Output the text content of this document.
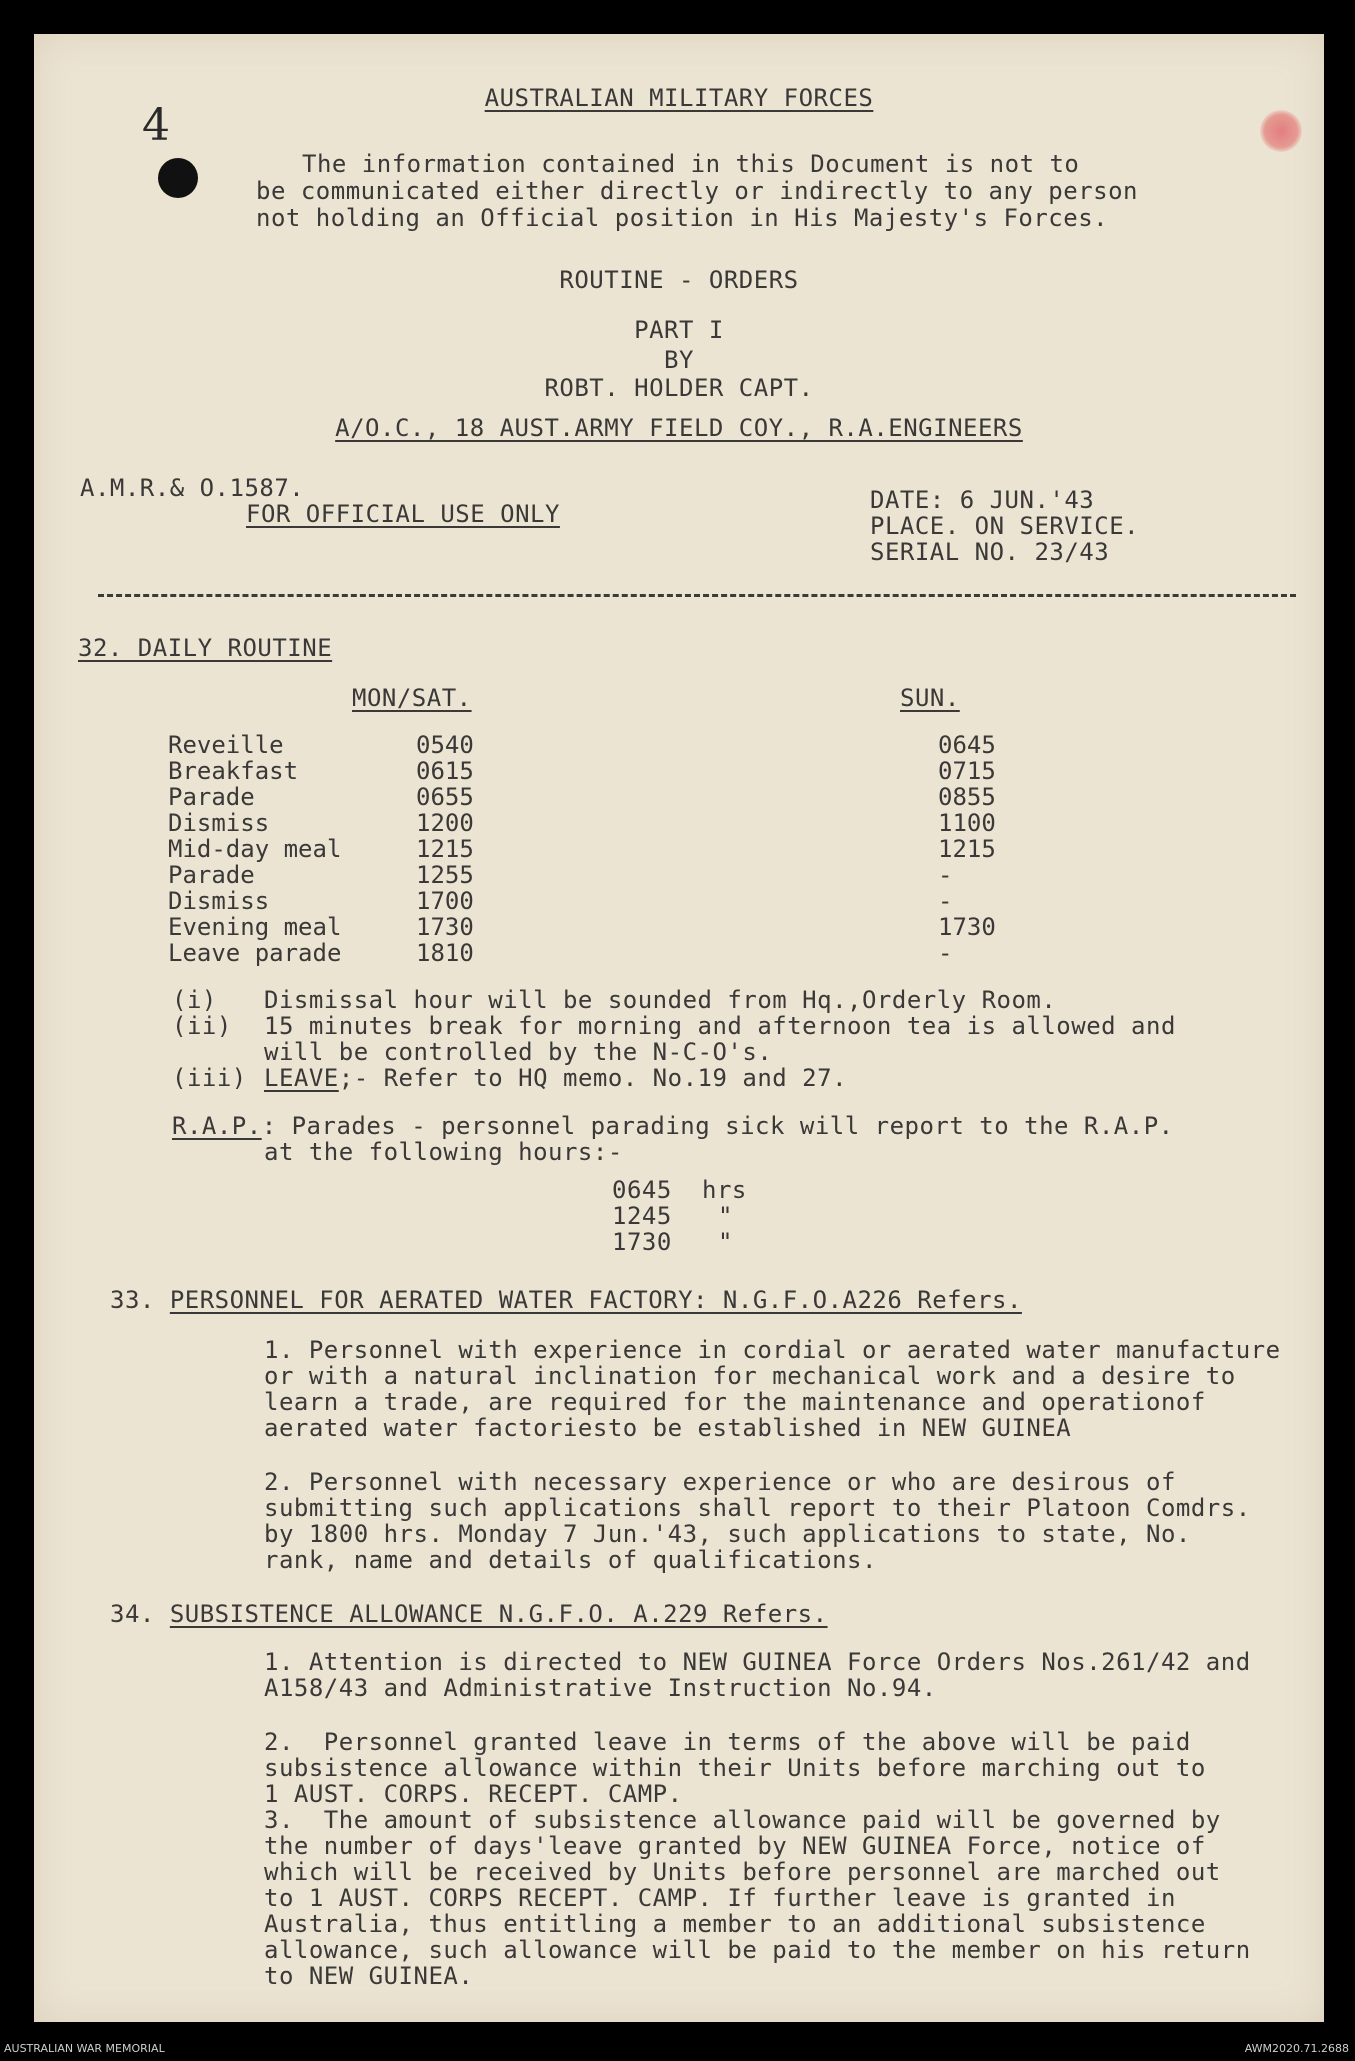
4
AUSTRALIAN MILITARY FORCES
The information contained in this Document is not to
be communicated either directly or indirectly to any person
not holding an Official position in His Majesty's Forces.
ROUTINE - ORDERS
PART I
BY
ROBT. HOLDER CAPT.
A/O.C., 18 AUST.ARMY FIELD COY., R.A.ENGINEERS
A.M.R.& O.1587.
FOR OFFICIAL USE ONLY	DATE: 6 JUN.'43
PLACE. ON SERVICE.
SERIAL NO. 23/43
32. DAILY ROUTINE
MON/SAT.	SUN.
Reveille	0540	0645
Breakfast	0615	0715
Parade	0655	0855
Dismiss	1200	1100
Mid-day meal	1215	1215
Parade	1255	-
Dismiss	1700	-
Evening meal	1730	1730
Leave parade	1810	-
(i) Dismissal hour will be sounded from Hq.,Orderly Room.
(ii) 15 minutes break for morning and afternoon tea is allowed and
will be controlled by the N-C-O's.
(iii) LEAVE;- Refer to HQ memo. No.19 and 27.
R.A.P.: Parades - personnel parading sick will report to the R.A.P.
at the following hours:-
0645 hrs
1245 "
1730 "
33. PERSONNEL FOR AERATED WATER FACTORY: N.G.F.O.A226 Refers.
1. Personnel with experience in cordial or aerated water manufacture
or with a natural inclination for mechanical work and a desire to
learn a trade, are required for the maintenance and operationof
aerated water factoriesto be established in NEW GUINEA
2. Personnel with necessary experience or who are desirous of
submitting such applications shall report to their Platoon Comdrs.
by 1800 hrs. Monday 7 Jun.'43, such applications to state, No.
rank, name and details of qualifications.
34. SUBSISTENCE ALLOWANCE N.G.F.O. A.229 Refers.
1. Attention is directed to NEW GUINEA Force Orders Nos.261/42 and
A158/43 and Administrative Instruction No.94.
2.  Personnel granted leave in terms of the above will be paid
subsistence allowance within their Units before marching out to
1 AUST. CORPS. RECEPT. CAMP.
3.  The amount of subsistence allowance paid will be governed by
the number of days'leave granted by NEW GUINEA Force, notice of
which will be received by Units before personnel are marched out
to 1 AUST. CORPS RECEPT. CAMP. If further leave is granted in
Australia, thus entitling a member to an additional subsistence
allowance, such allowance will be paid to the member on his return
to NEW GUINEA.
AUSTRALIAN WAR MEMORIAL	AWM2020.71.2688
